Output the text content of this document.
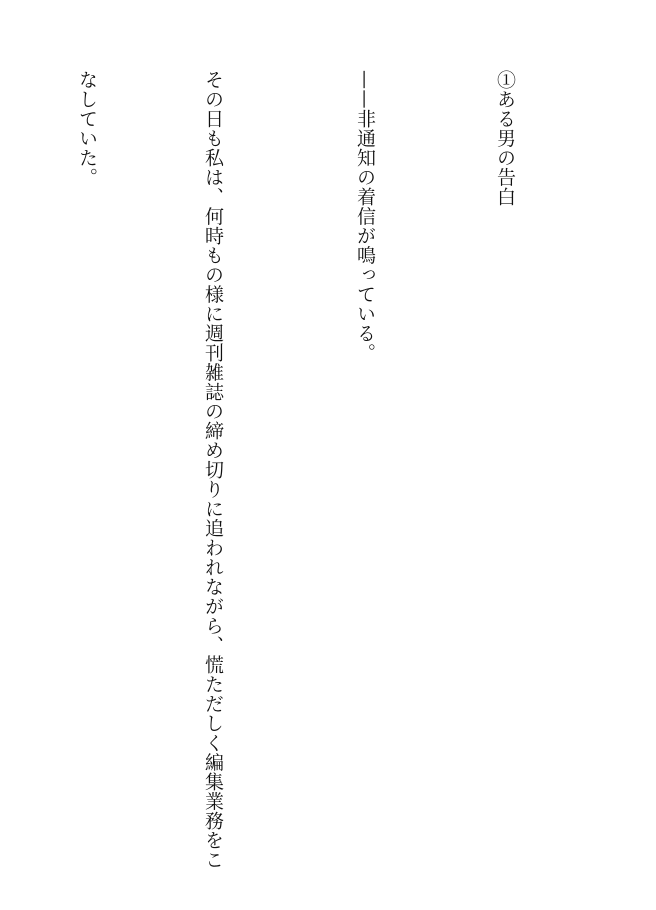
①ある男の告白

——非通知の着信が鳴っている。

その日も私は、何時もの様に週刊雑誌の締め切りに追われながら、慌ただしく編集業務をこ

なしていた。
